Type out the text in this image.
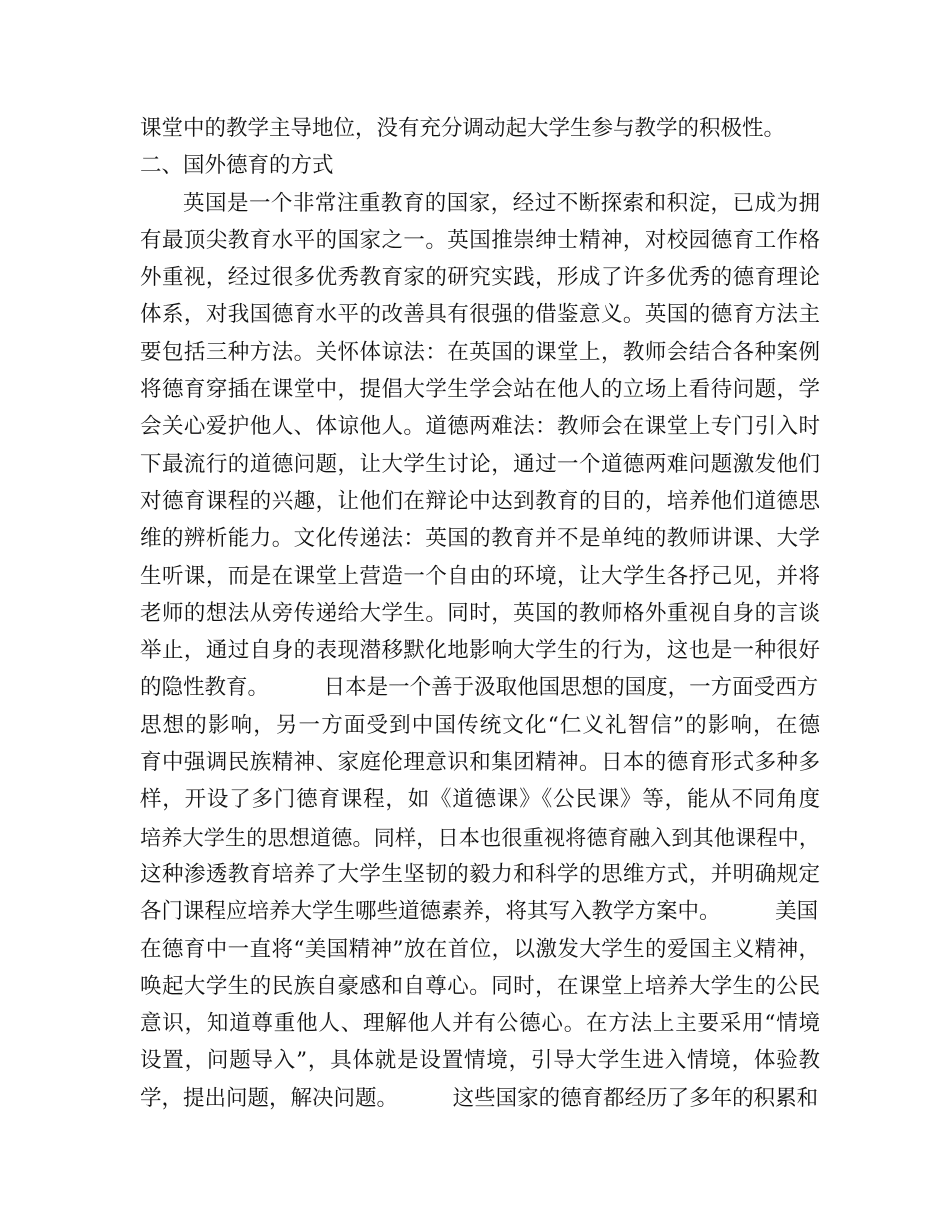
课堂中的教学主导地位，没有充分调动起大学生参与教学的积极性。
二、国外德育的方式
英国是一个非常注重教育的国家，经过不断探索和积淀，已成为拥
有最顶尖教育水平的国家之一。英国推崇绅士精神，对校园德育工作格
外重视，经过很多优秀教育家的研究实践，形成了许多优秀的德育理论
体系，对我国德育水平的改善具有很强的借鉴意义。英国的德育方法主
要包括三种方法。关怀体谅法：在英国的课堂上，教师会结合各种案例
将德育穿插在课堂中，提倡大学生学会站在他人的立场上看待问题，学
会关心爱护他人、体谅他人。道德两难法：教师会在课堂上专门引入时
下最流行的道德问题，让大学生讨论，通过一个道德两难问题激发他们
对德育课程的兴趣，让他们在辩论中达到教育的目的，培养他们道德思
维的辨析能力。文化传递法：英国的教育并不是单纯的教师讲课、大学
生听课，而是在课堂上营造一个自由的环境，让大学生各抒己见，并将
老师的想法从旁传递给大学生。同时，英国的教师格外重视自身的言谈
举止，通过自身的表现潜移默化地影响大学生的行为，这也是一种很好
的隐性教育。        日本是一个善于汲取他国思想的国度，一方面受西方
思想的影响，另一方面受到中国传统文化“仁义礼智信”的影响，在德
育中强调民族精神、家庭伦理意识和集团精神。日本的德育形式多种多
样，开设了多门德育课程，如《道德课》《公民课》等，能从不同角度
培养大学生的思想道德。同样，日本也很重视将德育融入到其他课程中，
这种渗透教育培养了大学生坚韧的毅力和科学的思维方式，并明确规定
各门课程应培养大学生哪些道德素养，将其写入教学方案中。        美国
在德育中一直将“美国精神”放在首位，以激发大学生的爱国主义精神，
唤起大学生的民族自豪感和自尊心。同时，在课堂上培养大学生的公民
意识，知道尊重他人、理解他人并有公德心。在方法上主要采用“情境
设置，问题导入”，具体就是设置情境，引导大学生进入情境，体验教
学，提出问题，解决问题。        这些国家的德育都经历了多年的积累和
